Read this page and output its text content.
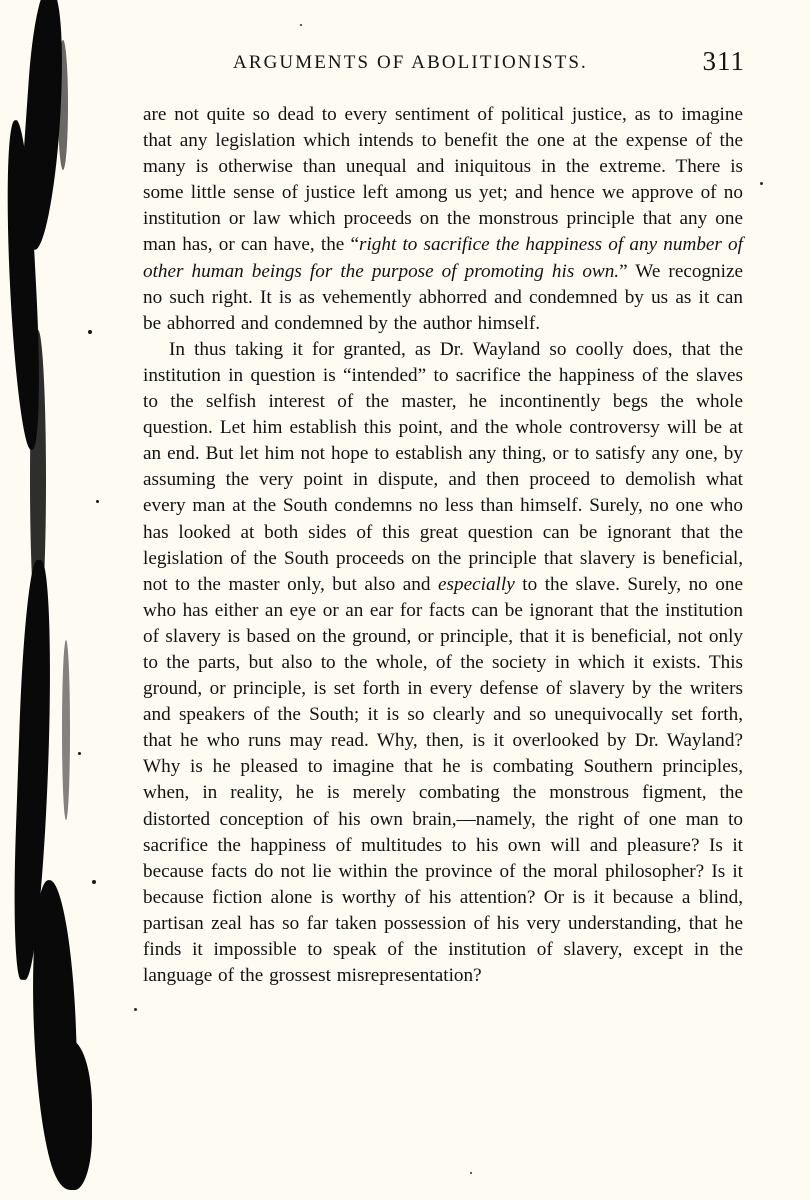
ARGUMENTS OF ABOLITIONISTS.	311

are not quite so dead to every sentiment of political justice, as to imagine that any legislation which intends to benefit the one at the expense of the many is otherwise than unequal and iniquitous in the extreme. There is some little sense of justice left among us yet; and hence we approve of no institution or law which proceeds on the monstrous principle that any one man has, or can have, the “right to sacrifice the happiness of any number of other human beings for the purpose of promoting his own.” We recognize no such right. It is as vehemently abhorred and condemned by us as it can be abhorred and condemned by the author himself.

In thus taking it for granted, as Dr. Wayland so coolly does, that the institution in question is “intended” to sacrifice the happiness of the slaves to the selfish interest of the master, he incontinently begs the whole question. Let him establish this point, and the whole controversy will be at an end. But let him not hope to establish any thing, or to satisfy any one, by assuming the very point in dispute, and then proceed to demolish what every man at the South condemns no less than himself. Surely, no one who has looked at both sides of this great question can be ignorant that the legislation of the South proceeds on the principle that slavery is beneficial, not to the master only, but also and especially to the slave. Surely, no one who has either an eye or an ear for facts can be ignorant that the institution of slavery is based on the ground, or principle, that it is beneficial, not only to the parts, but also to the whole, of the society in which it exists. This ground, or principle, is set forth in every defense of slavery by the writers and speakers of the South; it is so clearly and so unequivocally set forth, that he who runs may read. Why, then, is it overlooked by Dr. Wayland? Why is he pleased to imagine that he is combating Southern principles, when, in reality, he is merely combating the monstrous figment, the distorted conception of his own brain,—namely, the right of one man to sacrifice the happiness of multitudes to his own will and pleasure? Is it because facts do not lie within the province of the moral philosopher? Is it because fiction alone is worthy of his attention? Or is it because a blind, partisan zeal has so far taken possession of his very understanding, that he finds it impossible to speak of the institution of slavery, except in the language of the grossest misrepresentation?
